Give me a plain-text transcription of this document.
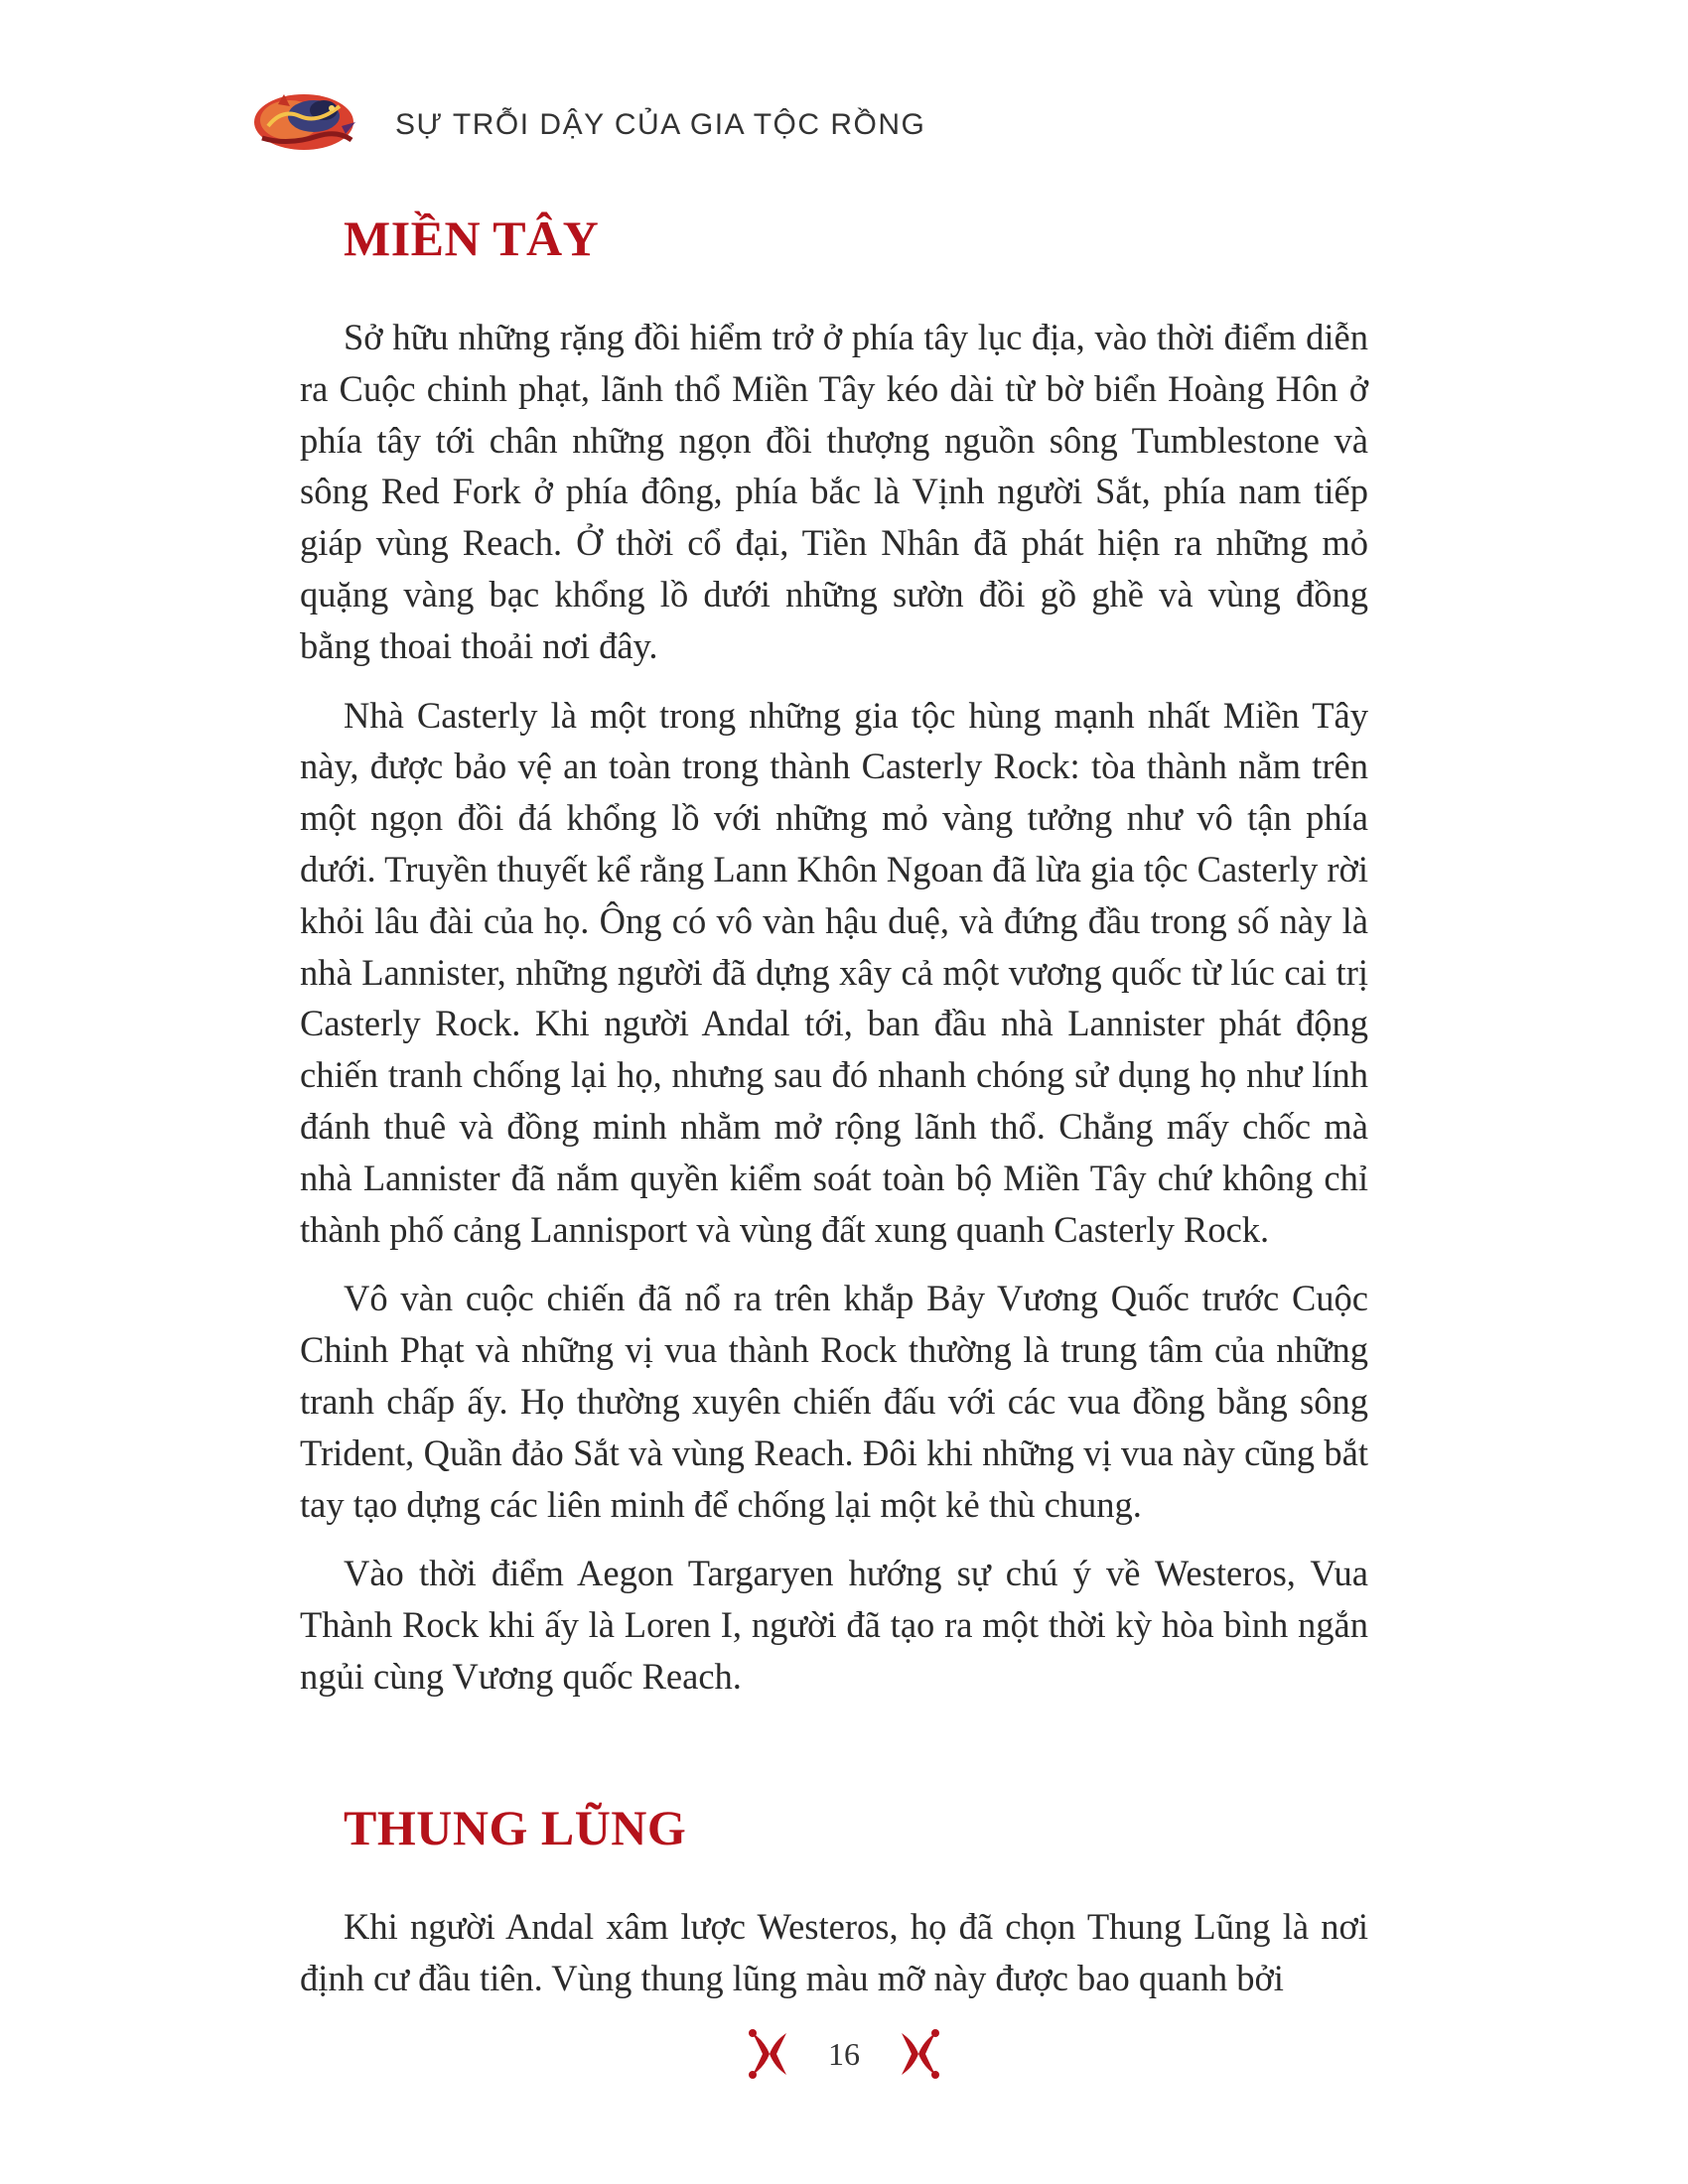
SỰ TRỖI DẬY CỦA GIA TỘC RỒNG
MIỀN TÂY

Sở hữu những rặng đồi hiểm trở ở phía tây lục địa, vào thời điểm diễn ra Cuộc chinh phạt, lãnh thổ Miền Tây kéo dài từ bờ biển Hoàng Hôn ở phía tây tới chân những ngọn đồi thượng nguồn sông Tumblestone và sông Red Fork ở phía đông, phía bắc là Vịnh người Sắt, phía nam tiếp giáp vùng Reach. Ở thời cổ đại, Tiền Nhân đã phát hiện ra những mỏ quặng vàng bạc khổng lồ dưới những sườn đồi gồ ghề và vùng đồng bằng thoai thoải nơi đây.

Nhà Casterly là một trong những gia tộc hùng mạnh nhất Miền Tây này, được bảo vệ an toàn trong thành Casterly Rock: tòa thành nằm trên một ngọn đồi đá khổng lồ với những mỏ vàng tưởng như vô tận phía dưới. Truyền thuyết kể rằng Lann Khôn Ngoan đã lừa gia tộc Casterly rời khỏi lâu đài của họ. Ông có vô vàn hậu duệ, và đứng đầu trong số này là nhà Lannister, những người đã dựng xây cả một vương quốc từ lúc cai trị Casterly Rock. Khi người Andal tới, ban đầu nhà Lannister phát động chiến tranh chống lại họ, nhưng sau đó nhanh chóng sử dụng họ như lính đánh thuê và đồng minh nhằm mở rộng lãnh thổ. Chẳng mấy chốc mà nhà Lannister đã nắm quyền kiểm soát toàn bộ Miền Tây chứ không chỉ thành phố cảng Lannisport và vùng đất xung quanh Casterly Rock.

Vô vàn cuộc chiến đã nổ ra trên khắp Bảy Vương Quốc trước Cuộc Chinh Phạt và những vị vua thành Rock thường là trung tâm của những tranh chấp ấy. Họ thường xuyên chiến đấu với các vua đồng bằng sông Trident, Quần đảo Sắt và vùng Reach. Đôi khi những vị vua này cũng bắt tay tạo dựng các liên minh để chống lại một kẻ thù chung.

Vào thời điểm Aegon Targaryen hướng sự chú ý về Westeros, Vua Thành Rock khi ấy là Loren I, người đã tạo ra một thời kỳ hòa bình ngắn ngủi cùng Vương quốc Reach.

THUNG LŨNG

Khi người Andal xâm lược Westeros, họ đã chọn Thung Lũng là nơi định cư đầu tiên. Vùng thung lũng màu mỡ này được bao quanh bởi

16
